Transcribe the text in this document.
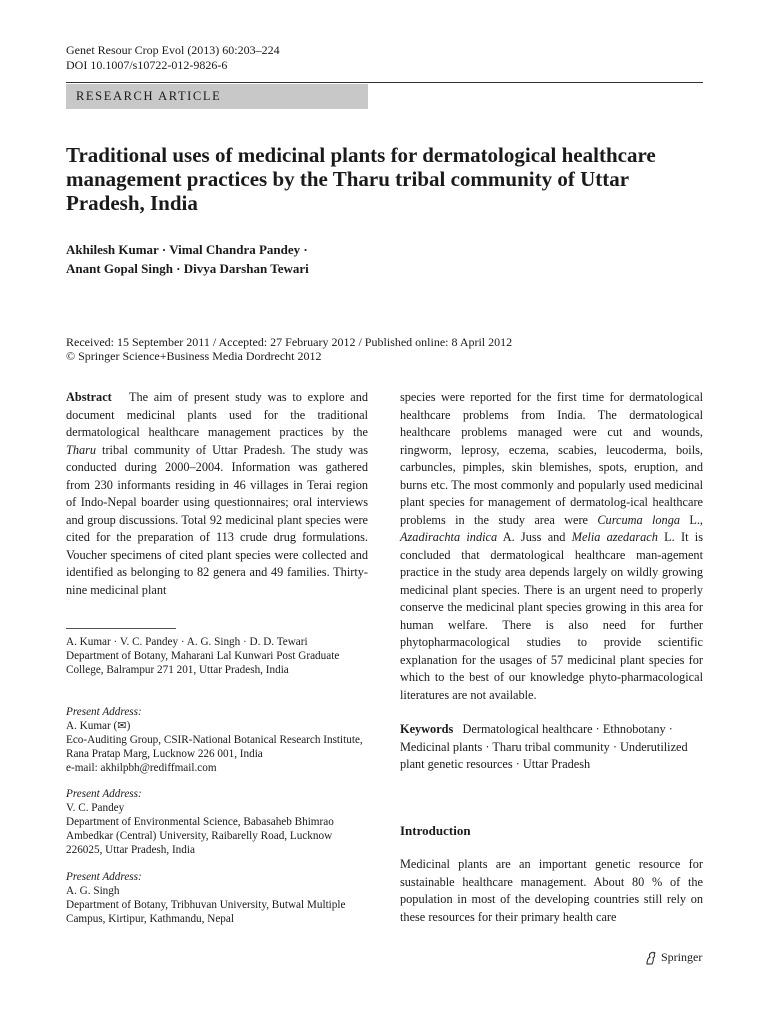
Genet Resour Crop Evol (2013) 60:203–224
DOI 10.1007/s10722-012-9826-6
RESEARCH ARTICLE
Traditional uses of medicinal plants for dermatological healthcare management practices by the Tharu tribal community of Uttar Pradesh, India
Akhilesh Kumar · Vimal Chandra Pandey ·
Anant Gopal Singh · Divya Darshan Tewari
Received: 15 September 2011 / Accepted: 27 February 2012 / Published online: 8 April 2012
© Springer Science+Business Media Dordrecht 2012
Abstract The aim of present study was to explore and document medicinal plants used for the traditional dermatological healthcare management practices by the Tharu tribal community of Uttar Pradesh. The study was conducted during 2000–2004. Information was gathered from 230 informants residing in 46 villages in Terai region of Indo-Nepal boarder using questionnaires; oral interviews and group discussions. Total 92 medicinal plant species were cited for the preparation of 113 crude drug formulations. Voucher specimens of cited plant species were collected and identified as belonging to 82 genera and 49 families. Thirty-nine medicinal plant
A. Kumar · V. C. Pandey · A. G. Singh · D. D. Tewari
Department of Botany, Maharani Lal Kunwari Post Graduate College, Balrampur 271 201, Uttar Pradesh, India
Present Address:
A. Kumar (✉)
Eco-Auditing Group, CSIR-National Botanical Research Institute, Rana Pratap Marg, Lucknow 226 001, India
e-mail: akhilpbh@rediffmail.com
Present Address:
V. C. Pandey
Department of Environmental Science, Babasaheb Bhimrao Ambedkar (Central) University, Raibarelly Road, Lucknow 226025, Uttar Pradesh, India
Present Address:
A. G. Singh
Department of Botany, Tribhuvan University, Butwal Multiple Campus, Kirtipur, Kathmandu, Nepal
species were reported for the first time for dermatological healthcare problems from India. The dermatological healthcare problems managed were cut and wounds, ringworm, leprosy, eczema, scabies, leucoderma, boils, carbuncles, pimples, skin blemishes, spots, eruption, and burns etc. The most commonly and popularly used medicinal plant species for management of dermatolog-ical healthcare problems in the study area were Curcuma longa L., Azadirachta indica A. Juss and Melia azedarach L. It is concluded that dermatological healthcare man-agement practice in the study area depends largely on wildly growing medicinal plant species. There is an urgent need to properly conserve the medicinal plant species growing in this area for human welfare. There is also need for further phytopharmacological studies to provide scientific explanation for the usages of 57 medicinal plant species for which to the best of our knowledge phyto-pharmacological literatures are not available.
Keywords Dermatological healthcare · Ethnobotany · Medicinal plants · Tharu tribal community · Underutilized plant genetic resources · Uttar Pradesh
Introduction
Medicinal plants are an important genetic resource for sustainable healthcare management. About 80 % of the population in most of the developing countries still rely on these resources for their primary health care
Springer
